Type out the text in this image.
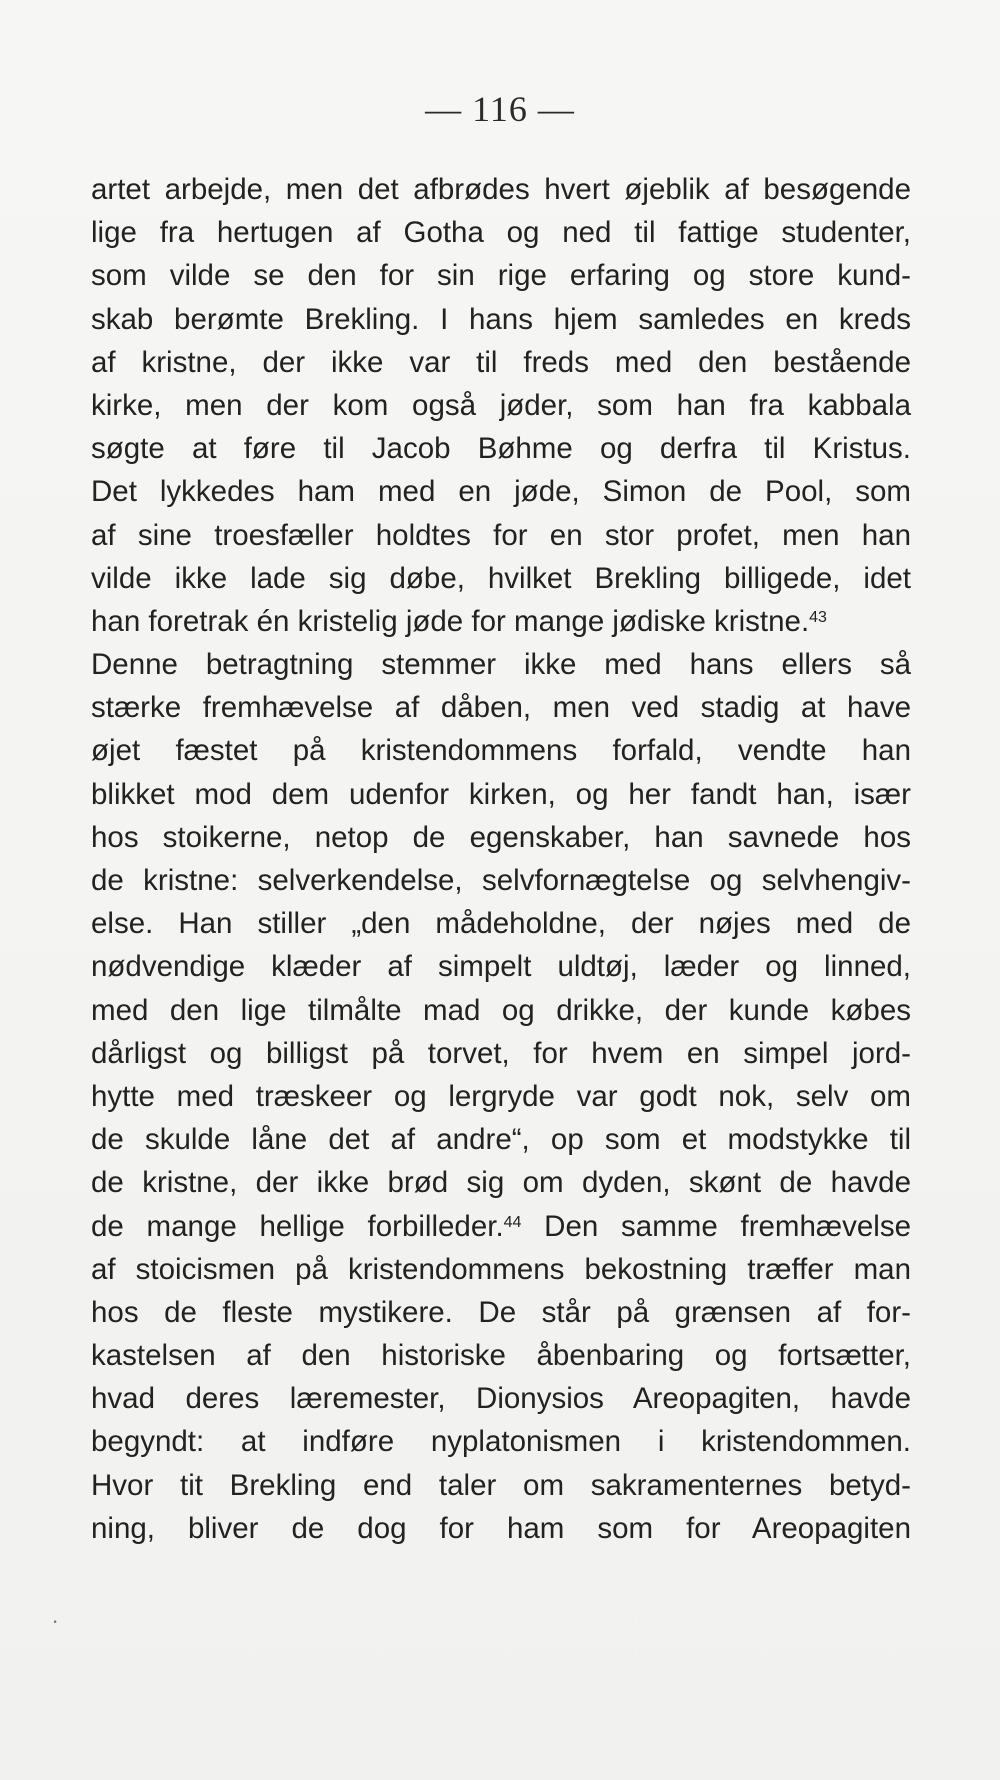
— 116 —
artet arbejde, men det afbrødes hvert øjeblik af besøgende
lige fra hertugen af Gotha og ned til fattige studenter,
som vilde se den for sin rige erfaring og store kund-
skab berømte Brekling. I hans hjem samledes en kreds
af kristne, der ikke var til freds med den bestående
kirke, men der kom også jøder, som han fra kabbala
søgte at føre til Jacob Bøhme og derfra til Kristus.
Det lykkedes ham med en jøde, Simon de Pool, som
af sine troesfæller holdtes for en stor profet, men han
vilde ikke lade sig døbe, hvilket Brekling billigede, idet
han foretrak én kristelig jøde for mange jødiske kristne.$^{43}$
Denne betragtning stemmer ikke med hans ellers så
stærke fremhævelse af dåben, men ved stadig at have
øjet fæstet på kristendommens forfald, vendte han
blikket mod dem udenfor kirken, og her fandt han, især
hos stoikerne, netop de egenskaber, han savnede hos
de kristne: selverkendelse, selvfornægtelse og selvhengiv-
else. Han stiller „den mådeholdne, der nøjes med de
nødvendige klæder af simpelt uldtøj, læder og linned,
med den lige tilmålte mad og drikke, der kunde købes
dårligst og billigst på torvet, for hvem en simpel jord-
hytte med træskeer og lergryde var godt nok, selv om
de skulde låne det af andre“, op som et modstykke til
de kristne, der ikke brød sig om dyden, skønt de havde
de mange hellige forbilleder.$^{44}$ Den samme fremhævelse
af stoicismen på kristendommens bekostning træffer man
hos de fleste mystikere. De står på grænsen af for-
kastelsen af den historiske åbenbaring og fortsætter,
hvad deres læremester, Dionysios Areopagiten, havde
begyndt: at indføre nyplatonismen i kristendommen.
Hvor tit Brekling end taler om sakramenternes betyd-
ning, bliver de dog for ham som for Areopagiten
·
